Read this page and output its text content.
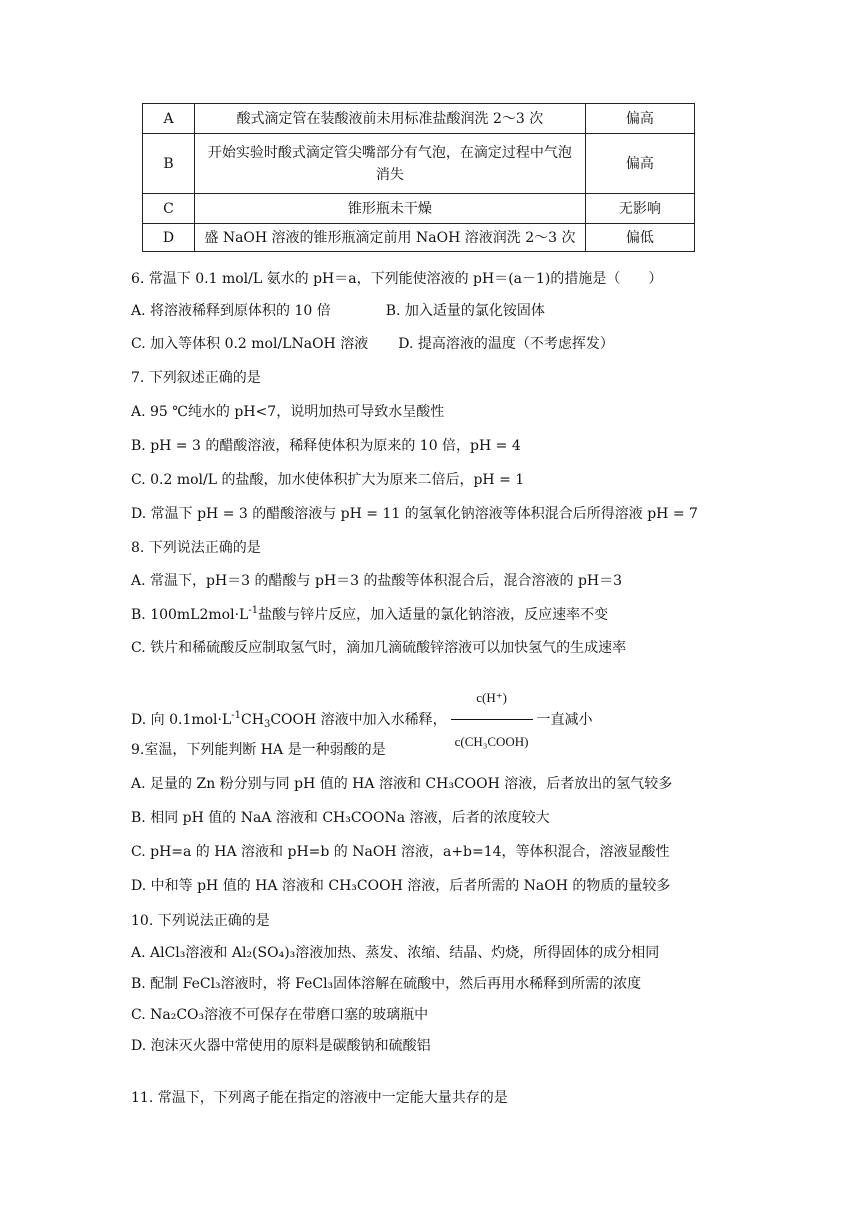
A	酸式滴定管在装酸液前未用标准盐酸润洗 2～3 次	偏高
B	开始实验时酸式滴定管尖嘴部分有气泡，在滴定过程中气泡
消失	偏高
C	锥形瓶未干燥	无影响
D	盛 NaOH 溶液的锥形瓶滴定前用 NaOH 溶液润洗 2～3 次	偏低
6. 常温下 0.1 mol/L 氨水的 pH＝a，下列能使溶液的 pH＝(a－1)的措施是（　　）
A. 将溶液稀释到原体积的 10 倍	B. 加入适量的氯化铵固体
C. 加入等体积 0.2 mol/LNaOH 溶液 D. 提高溶液的温度（不考虑挥发）
7. 下列叙述正确的是
A. 95 ℃纯水的 pH<7，说明加热可导致水呈酸性
B. pH = 3 的醋酸溶液，稀释使体积为原来的 10 倍，pH = 4
C. 0.2 mol/L 的盐酸，加水使体积扩大为原来二倍后，pH = 1
D. 常温下 pH = 3 的醋酸溶液与 pH = 11 的氢氧化钠溶液等体积混合后所得溶液 pH = 7
8. 下列说法正确的是
A. 常温下，pH＝3 的醋酸与 pH＝3 的盐酸等体积混合后，混合溶液的 pH＝3
B. $100mL2mol\cdot L^{-1}$盐酸与锌片反应，加入适量的氯化钠溶液，反应速率不变
C. 铁片和稀硫酸反应制取氢气时，滴加几滴硫酸锌溶液可以加快氢气的生成速率
D. 向 $0.1mol\cdot L^{-1}CH_3COOH$ 溶液中加入水稀释， $\frac{c(H^+)}{\text{c(CH₃COOH)}}$ 一直减小
9.室温，下列能判断 HA 是一种弱酸的是
A. 足量的 Zn 粉分别与同 pH 值的 HA 溶液和 CH₃COOH 溶液，后者放出的氢气较多
B. 相同 pH 值的 NaA 溶液和 CH₃COONa 溶液，后者的浓度较大
C. pH=a 的 HA 溶液和 pH=b 的 NaOH 溶液，a+b=14，等体积混合，溶液显酸性
D. 中和等 pH 值的 HA 溶液和 CH₃COOH 溶液，后者所需的 NaOH 的物质的量较多
10. 下列说法正确的是
A. AlCl₃溶液和 Al₂(SO₄)₃溶液加热、蒸发、浓缩、结晶、灼烧，所得固体的成分相同
B. 配制 FeCl₃溶液时，将 FeCl₃固体溶解在硫酸中，然后再用水稀释到所需的浓度
C. Na₂CO₃溶液不可保存在带磨口塞的玻璃瓶中
D. 泡沫灭火器中常使用的原料是碳酸钠和硫酸铝
11. 常温下，下列离子能在指定的溶液中一定能大量共存的是
